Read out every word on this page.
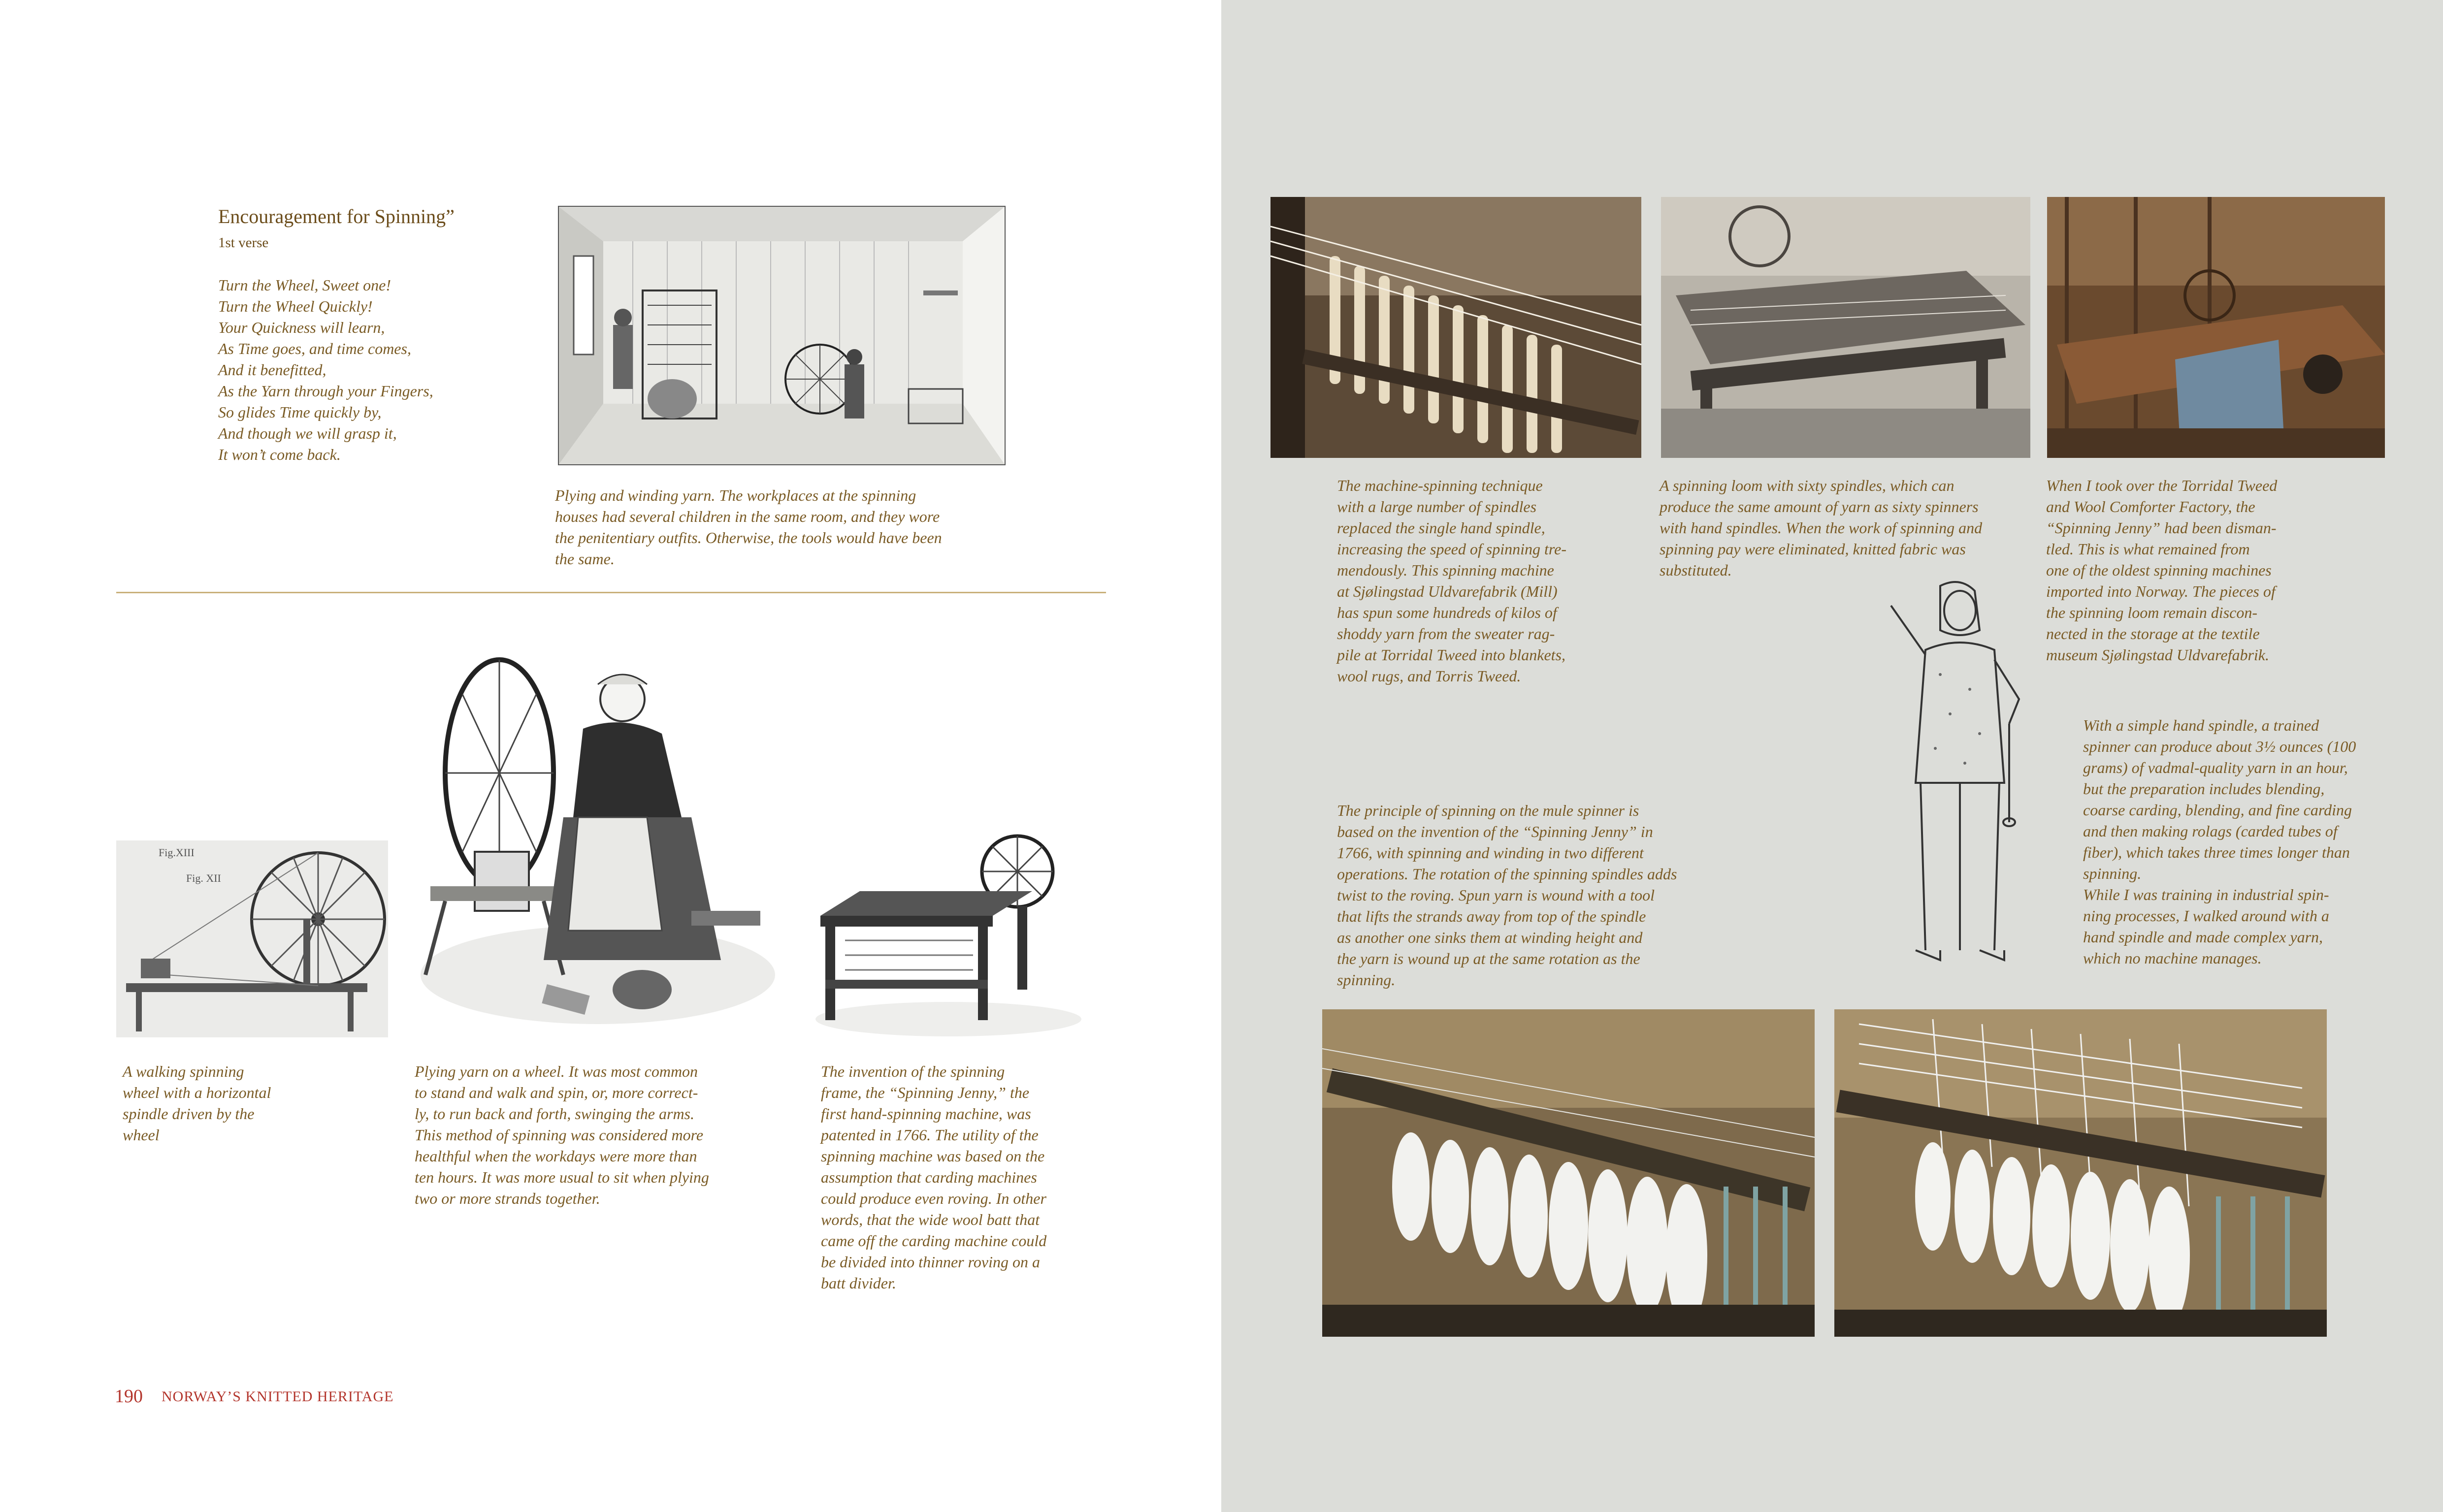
Encouragement for Spinning”
1st verse
Turn the Wheel, Sweet one!
Turn the Wheel Quickly!
Your Quickness will learn,
As Time goes, and time comes,
And it benefitted,
As the Yarn through your Fingers,
So glides Time quickly by,
And though we will grasp it,
It won’t come back.
Plying and winding yarn. The workplaces at the spinning
houses had several children in the same room, and they wore
the penitentiary outfits. Otherwise, the tools would have been
the same.
Fig.XIII
Fig. XII
A walking spinning
wheel with a horizontal
spindle driven by the
wheel
Plying yarn on a wheel. It was most common
to stand and walk and spin, or, more correct-
ly, to run back and forth, swinging the arms.
This method of spinning was considered more
healthful when the workdays were more than
ten hours. It was more usual to sit when plying
two or more strands together.
The invention of the spinning
frame, the “Spinning Jenny,” the
first hand-spinning machine, was
patented in 1766. The utility of the
spinning machine was based on the
assumption that carding machines
could produce even roving. In other
words, that the wide wool batt that
came off the carding machine could
be divided into thinner roving on a
batt divider.
190 NORWAY’S KNITTED HERITAGE
The machine-spinning technique
with a large number of spindles
replaced the single hand spindle,
increasing the speed of spinning tre-
mendously. This spinning machine
at Sjølingstad Uldvarefabrik (Mill)
has spun some hundreds of kilos of
shoddy yarn from the sweater rag-
pile at Torridal Tweed into blankets,
wool rugs, and Torris Tweed.
A spinning loom with sixty spindles, which can
produce the same amount of yarn as sixty spinners
with hand spindles. When the work of spinning and
spinning pay were eliminated, knitted fabric was
substituted.
When I took over the Torridal Tweed
and Wool Comforter Factory, the
“Spinning Jenny” had been disman-
tled. This is what remained from
one of the oldest spinning machines
imported into Norway. The pieces of
the spinning loom remain discon-
nected in the storage at the textile
museum Sjølingstad Uldvarefabrik.
The principle of spinning on the mule spinner is
based on the invention of the “Spinning Jenny” in
1766, with spinning and winding in two different
operations. The rotation of the spinning spindles adds
twist to the roving. Spun yarn is wound with a tool
that lifts the strands away from top of the spindle
as another one sinks them at winding height and
the yarn is wound up at the same rotation as the
spinning.
With a simple hand spindle, a trained
spinner can produce about 3½ ounces (100
grams) of vadmal-quality yarn in an hour,
but the preparation includes blending,
coarse carding, blending, and fine carding
and then making rolags (carded tubes of
fiber), which takes three times longer than
spinning.
While I was training in industrial spin-
ning processes, I walked around with a
hand spindle and made complex yarn,
which no machine manages.
